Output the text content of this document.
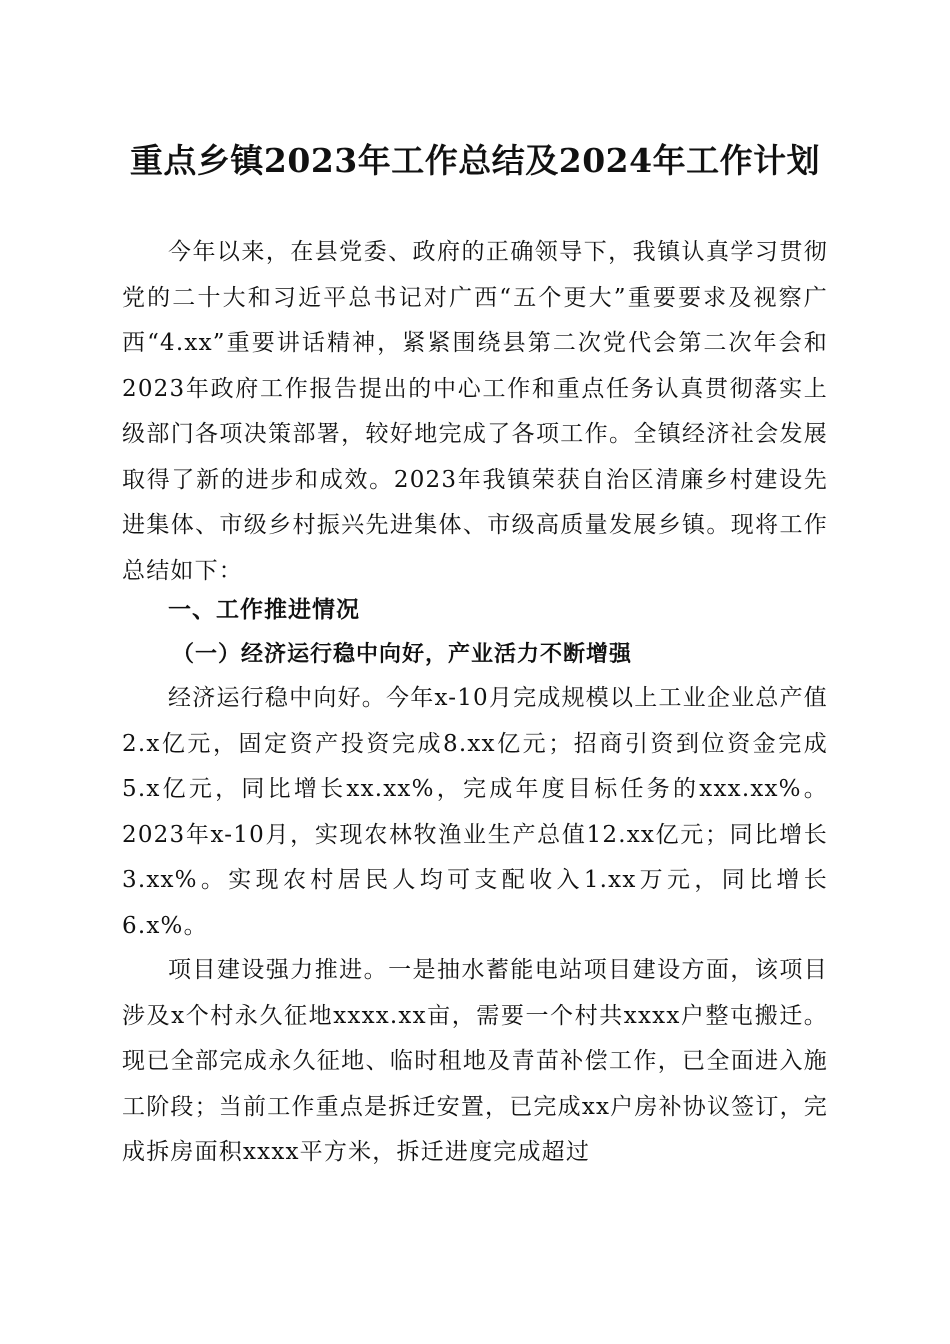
重点乡镇2023年工作总结及2024年工作计划

今年以来，在县党委、政府的正确领导下，我镇认真学习贯彻党的二十大和习近平总书记对广西“五个更大”重要要求及视察广西“4.xx”重要讲话精神，紧紧围绕县第二次党代会第二次年会和2023年政府工作报告提出的中心工作和重点任务认真贯彻落实上级部门各项决策部署，较好地完成了各项工作。全镇经济社会发展取得了新的进步和成效。2023年我镇荣获自治区清廉乡村建设先进集体、市级乡村振兴先进集体、市级高质量发展乡镇。现将工作总结如下：

一、工作推进情况
（一）经济运行稳中向好，产业活力不断增强

经济运行稳中向好。今年x-10月完成规模以上工业企业总产值2.x亿元，固定资产投资完成8.xx亿元；招商引资到位资金完成5.x亿元，同比增长xx.xx%，完成年度目标任务的xxx.xx%。2023年x-10月，实现农林牧渔业生产总值12.xx亿元；同比增长3.xx%。实现农村居民人均可支配收入1.xx万元，同比增长6.x%。

项目建设强力推进。一是抽水蓄能电站项目建设方面，该项目涉及x个村永久征地xxxx.xx亩，需要一个村共xxxx户整屯搬迁。现已全部完成永久征地、临时租地及青苗补偿工作，已全面进入施工阶段；当前工作重点是拆迁安置，已完成xx户房补协议签订，完成拆房面积xxxx平方米，拆迁进度完成超过
